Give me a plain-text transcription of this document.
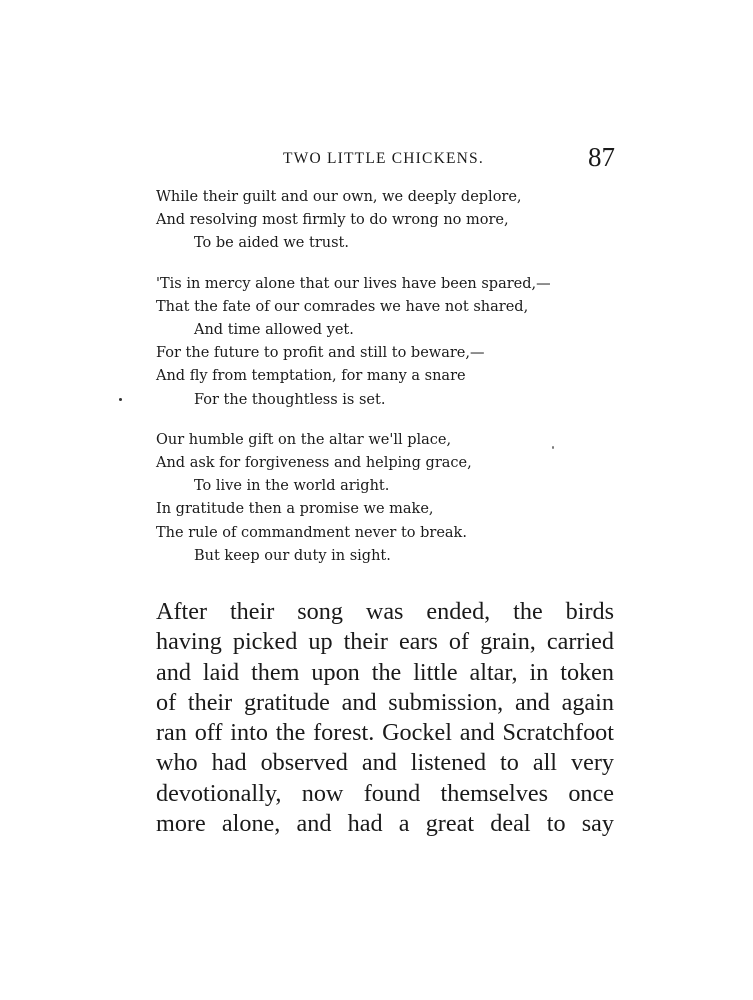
TWO LITTLE CHICKENS.	87
While their guilt and our own, we deeply deplore,
And resolving most firmly to do wrong no more,
To be aided we trust.
'Tis in mercy alone that our lives have been spared,—
That the fate of our comrades we have not shared,
And time allowed yet.
For the future to profit and still to beware,—
And fly from temptation, for many a snare
For the thoughtless is set.
Our humble gift on the altar we'll place,
And ask for forgiveness and helping grace,
To live in the world aright.
In gratitude then a promise we make,
The rule of commandment never to break.
But keep our duty in sight.
After their song was ended, the birds
having picked up their ears of grain, carried
and laid them upon the little altar, in token
of their gratitude and submission, and again
ran off into the forest. Gockel and Scratchfoot
who had observed and listened to all very
devotionally, now found themselves once
more alone, and had a great deal to say
